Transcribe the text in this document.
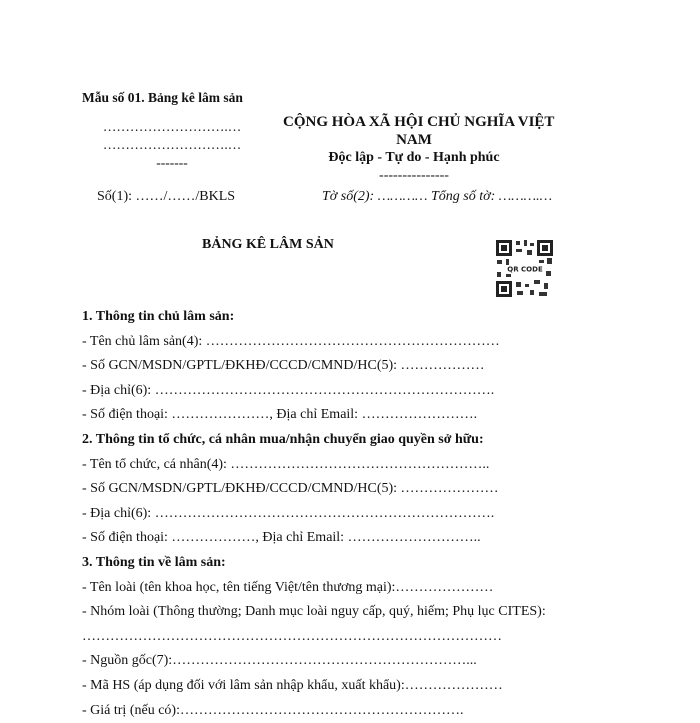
Mẫu số 01. Bảng kê lâm sản
……………………….…
……………………….…
-------
CỘNG HÒA XÃ HỘI CHỦ NGHĨA VIỆT
NAM
Độc lập - Tự do - Hạnh phúc
---------------
Số(1): ……/……/BKLS	Tờ số(2): ………… Tổng số tờ: ……….…
BẢNG KÊ LÂM SẢN
QR CODE
1. Thông tin chủ lâm sản:
- Tên chủ lâm sản(4): ………………………………………………………
- Số GCN/MSDN/GPTL/ĐKHĐ/CCCD/CMND/HC(5): ………………
- Địa chỉ(6): ……………………………………………………………….
- Số điện thoại: …………………, Địa chỉ Email: …………………….
2. Thông tin tổ chức, cá nhân mua/nhận chuyển giao quyền sở hữu:
- Tên tổ chức, cá nhân(4): ………………………………………………..
- Số GCN/MSDN/GPTL/ĐKHĐ/CCCD/CMND/HC(5): …………………
- Địa chỉ(6): ……………………………………………………………….
- Số điện thoại: ………………, Địa chỉ Email: ………………………..
3. Thông tin về lâm sản:
- Tên loài (tên khoa học, tên tiếng Việt/tên thương mại):…………………
- Nhóm loài (Thông thường; Danh mục loài nguy cấp, quý, hiếm; Phụ lục CITES):
………………………………………………………………………………
- Nguồn gốc(7):………………………………………………………...
- Mã HS (áp dụng đối với lâm sản nhập khẩu, xuất khẩu):…………………
- Giá trị (nếu có):…………………………………………………….
